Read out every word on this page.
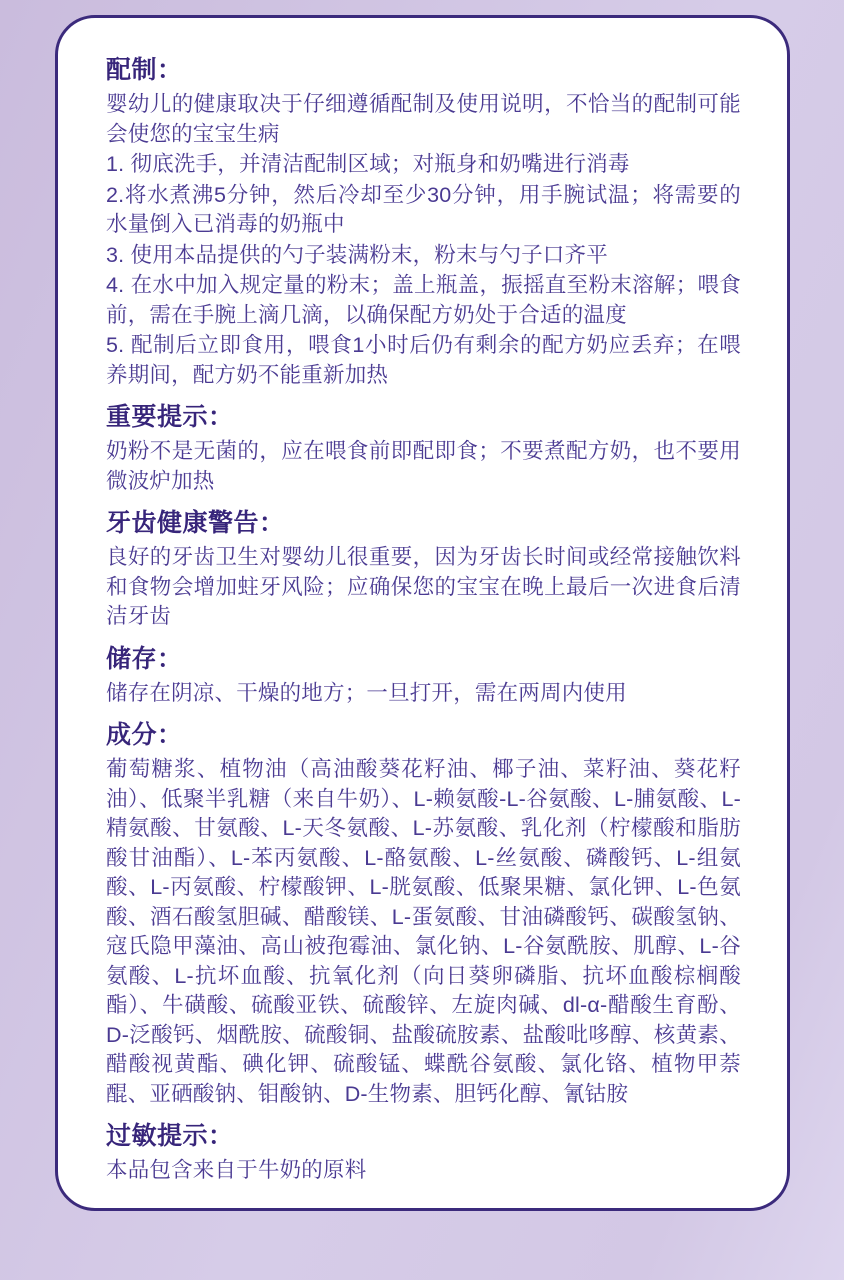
配制：

婴幼儿的健康取决于仔细遵循配制及使用说明，不恰当的配制可能会使您的宝宝生病

1. 彻底洗手，并清洁配制区域；对瓶身和奶嘴进行消毒

2.将水煮沸5分钟，然后冷却至少30分钟，用手腕试温；将需要的水量倒入已消毒的奶瓶中

3. 使用本品提供的勺子装满粉末，粉末与勺子口齐平

4. 在水中加入规定量的粉末；盖上瓶盖，振摇直至粉末溶解；喂食前，需在手腕上滴几滴，以确保配方奶处于合适的温度

5. 配制后立即食用，喂食1小时后仍有剩余的配方奶应丢弃；在喂养期间，配方奶不能重新加热

重要提示：

奶粉不是无菌的，应在喂食前即配即食；不要煮配方奶，也不要用微波炉加热

牙齿健康警告：

良好的牙齿卫生对婴幼儿很重要，因为牙齿长时间或经常接触饮料和食物会增加蛀牙风险；应确保您的宝宝在晚上最后一次进食后清洁牙齿

储存：

储存在阴凉、干燥的地方；一旦打开，需在两周内使用

成分：

葡萄糖浆、植物油（高油酸葵花籽油、椰子油、菜籽油、葵花籽油）、低聚半乳糖（来自牛奶）、L-赖氨酸-L-谷氨酸、L-脯氨酸、L-精氨酸、甘氨酸、L-天冬氨酸、L-苏氨酸、乳化剂（柠檬酸和脂肪酸甘油酯）、L-苯丙氨酸、L-酪氨酸、L-丝氨酸、磷酸钙、L-组氨酸、L-丙氨酸、柠檬酸钾、L-胱氨酸、低聚果糖、氯化钾、L-色氨酸、酒石酸氢胆碱、醋酸镁、L-蛋氨酸、甘油磷酸钙、碳酸氢钠、寇氏隐甲藻油、高山被孢霉油、氯化钠、L-谷氨酰胺、肌醇、L-谷氨酸、L-抗坏血酸、抗氧化剂（向日葵卵磷脂、抗坏血酸棕榈酸酯）、牛磺酸、硫酸亚铁、硫酸锌、左旋肉碱、dl-α-醋酸生育酚、D-泛酸钙、烟酰胺、硫酸铜、盐酸硫胺素、盐酸吡哆醇、核黄素、醋酸视黄酯、碘化钾、硫酸锰、蝶酰谷氨酸、氯化铬、植物甲萘醌、亚硒酸钠、钼酸钠、D-生物素、胆钙化醇、氰钴胺

过敏提示：

本品包含来自于牛奶的原料
